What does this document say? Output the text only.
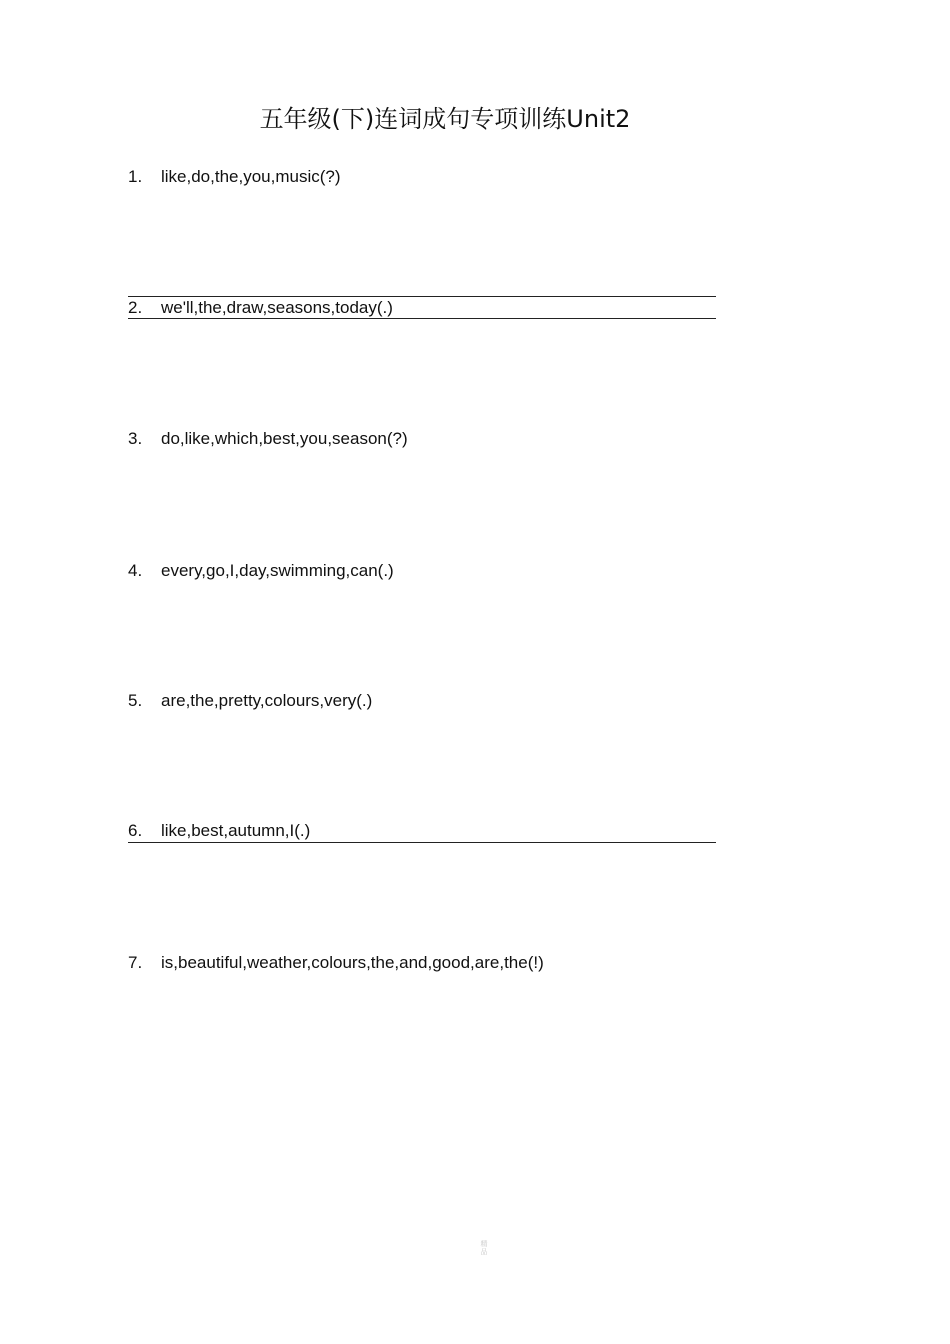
五年级(下)连词成句专项训练Unit2
1. like,do,the,you,music(?)
2. we'll,the,draw,seasons,today(.)
3. do,like,which,best,you,season(?)
4. every,go,I,day,swimming,can(.)
5. are,the,pretty,colours,very(.)
6. like,best,autumn,I(.)
7. is,beautiful,weather,colours,the,and,good,are,the(!)
精品
